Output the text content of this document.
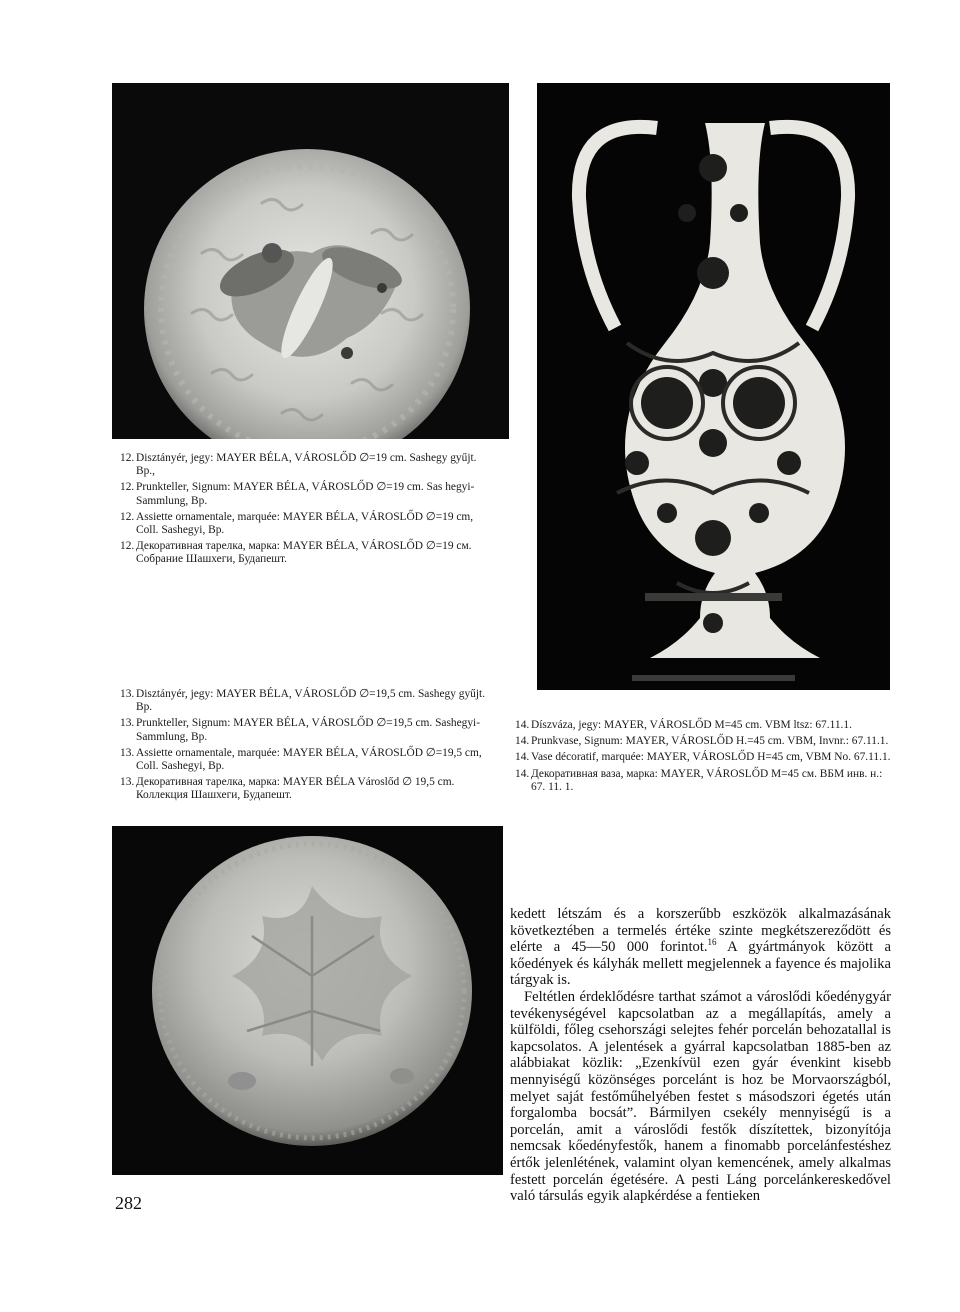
12. Disztányér, jegy: MAYER BÉLA, VÁROSLŐD ∅=19 cm. Sashegy gyűjt. Bp.,

12. Prunkteller, Signum: MAYER BÉLA, VÁROSLŐD ∅=19 cm. Sas hegyi-Sammlung, Bp.

12. Assiette ornamentale, marquée: MAYER BÉLA, VÁROSLŐD ∅=19 cm, Coll. Sashegyi, Bp.

12. Декоративная тарелка, марка: MAYER BÉLA, VÁROSLŐD ∅=19 см. Собрание Шашхеги, Будапешт.

13. Disztányér, jegy: MAYER BÉLA, VÁROSLŐD ∅=19,5 cm. Sashegy gyűjt. Bp.

13. Prunkteller, Signum: MAYER BÉLA, VÁROSLŐD ∅=19,5 cm. Sashegyi-Sammlung, Bp.

13. Assiette ornamentale, marquée: MAYER BÉLA, VÁROSLŐD ∅=19,5 cm, Coll. Sashegyi, Bp.

13. Декоративная тарелка, марка: MAYER BÉLA Városlőd ∅ 19,5 cm. Коллекция Шашхеги, Будапешт.

14. Díszváza, jegy: MAYER, VÁROSLŐD M=45 cm. VBM ltsz: 67.11.1.

14. Prunkvase, Signum: MAYER, VÁROSLŐD H.=45 cm. VBM, Invnr.: 67.11.1.

14. Vase décoratif, marquée: MAYER, VÁROSLŐD H=45 cm, VBM No. 67.11.1.

14. Декоративная ваза, марка: MAYER, VÁROSLŐD M=45 см. ВБМ инв. н.: 67. 11. 1.

kedett létszám és a korszerűbb eszközök alkalmazásának következtében a termelés értéke szinte megkétszereződött és elérte a 45—50 000 forintot.$^{16}$ A gyártmányok között a kőedények és kályhák mellett megjelennek a fayence és majolika tárgyak is.

Feltétlen érdeklődésre tarthat számot a városlődi kőedénygyár tevékenységével kapcsolatban az a megállapítás, amely a külföldi, főleg csehországi selejtes fehér porcelán behozatallal is kapcsolatos. A jelentések a gyárral kapcsolatban 1885-ben az alábbiakat közlik: „Ezenkívül ezen gyár évenkint kisebb mennyiségű közönséges porcelánt is hoz be Morvaországból, melyet saját festőműhelyében festet s másodszori égetés után forgalomba bocsát”. Bármilyen csekély mennyiségű is a porcelán, amit a városlődi festők díszítettek, bizonyítója nemcsak kőedényfestők, hanem a finomabb porcelánfestéshez értők jelenlétének, valamint olyan kemencének, amely alkalmas festett porcelán égetésére. A pesti Láng porcelánkereskedővel való társulás egyik alapkérdése a fentieken

282
